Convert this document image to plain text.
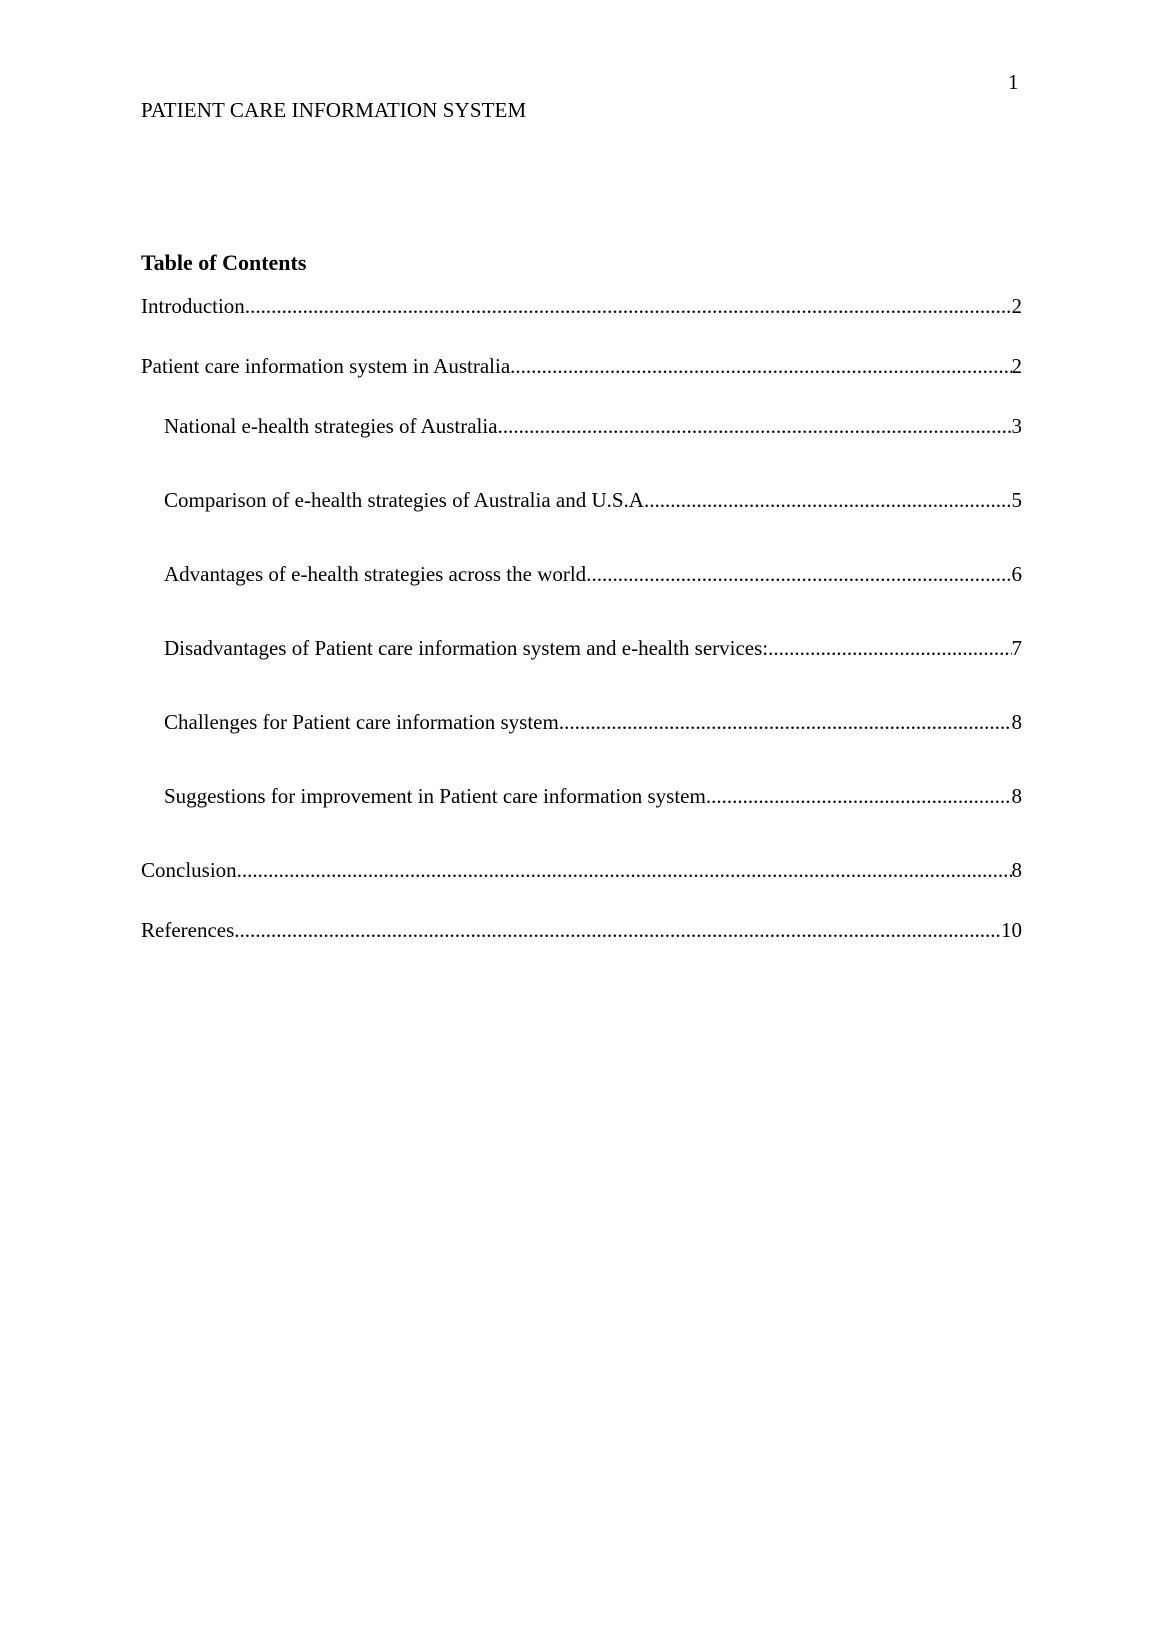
1
PATIENT CARE INFORMATION SYSTEM
Table of Contents
Introduction .....	2
Patient care information system in Australia .....	2
National e-health strategies of Australia .....	3
Comparison of e-health strategies of Australia and U.S.A .....	5
Advantages of e-health strategies across the world .....	6
Disadvantages of Patient care information system and e-health services: .....	7
Challenges for Patient care information system .....	8
Suggestions for improvement in Patient care information system .....	8
Conclusion .....	8
References .....	10
